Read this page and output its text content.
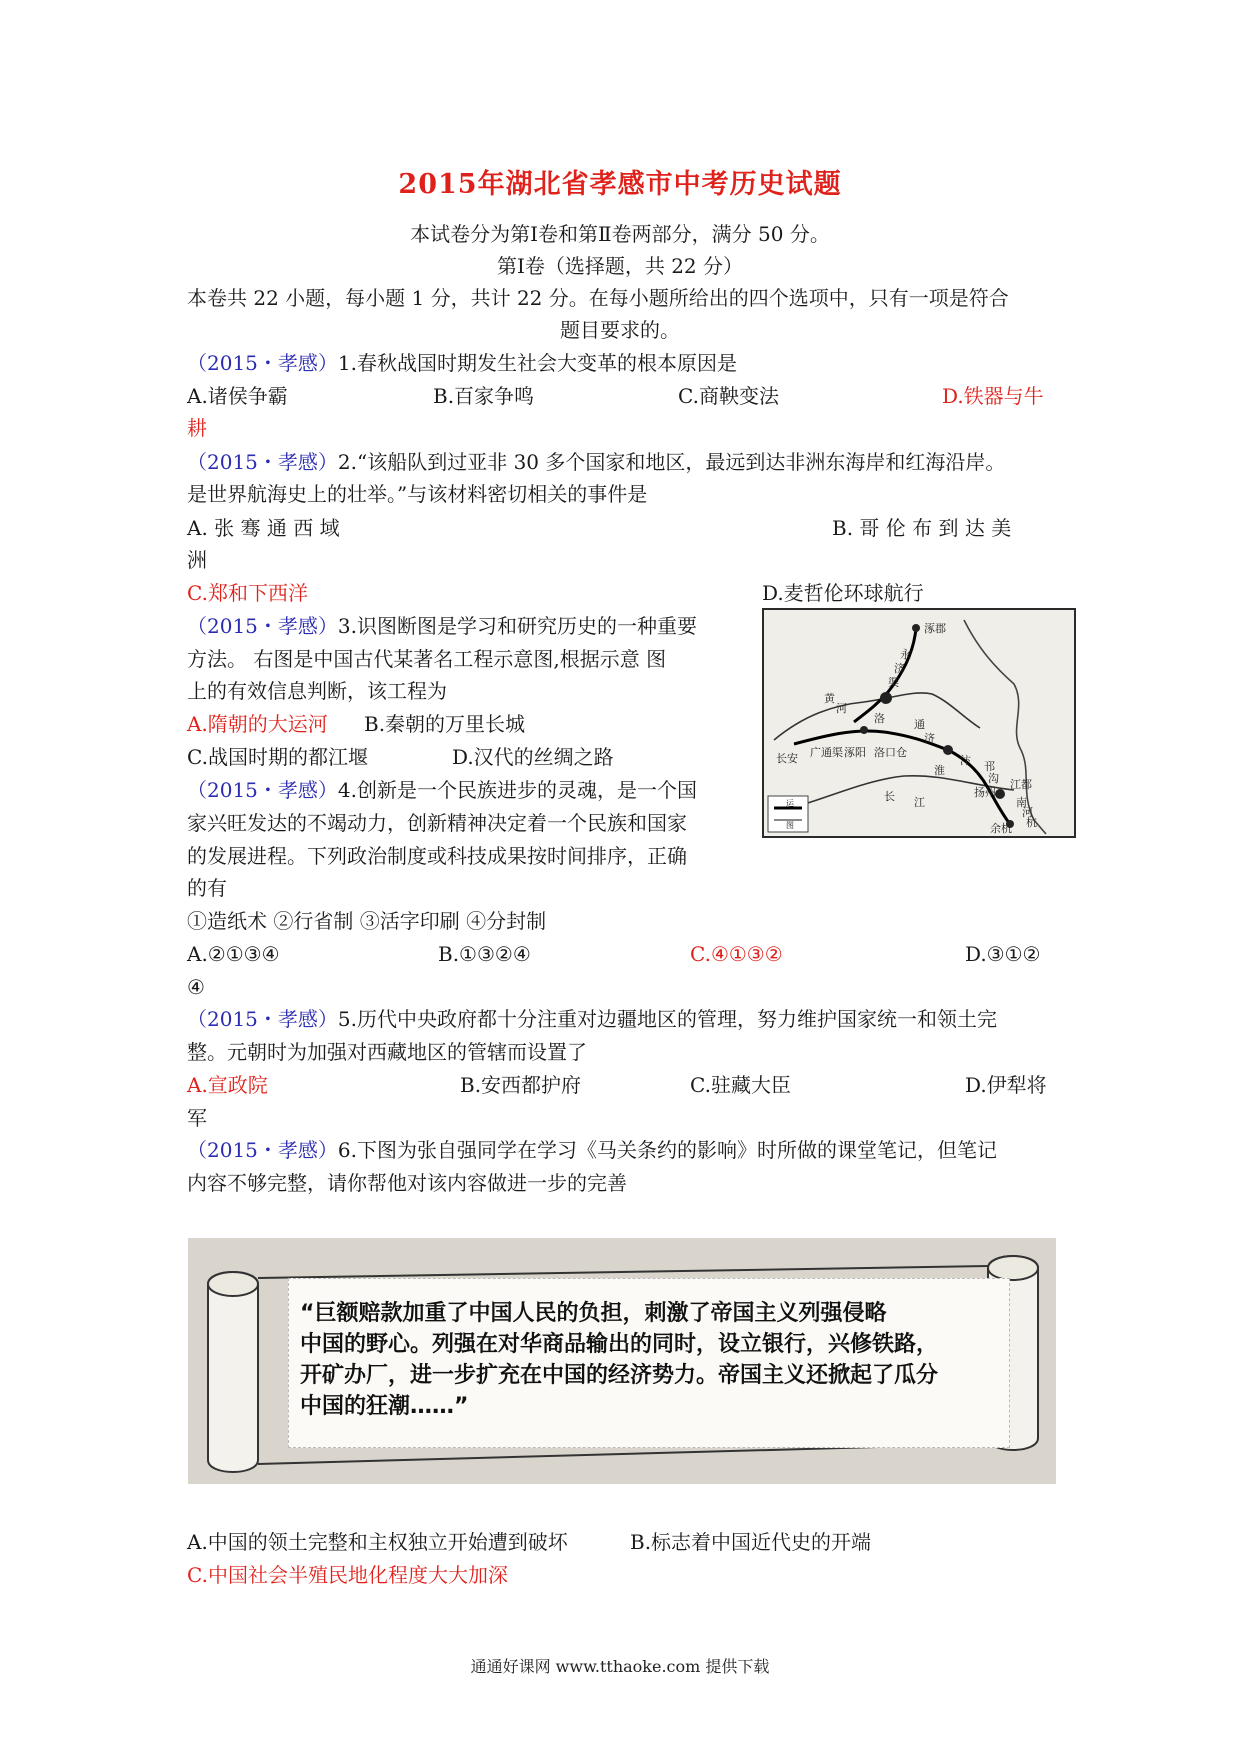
2015年湖北省孝感市中考历史试题
本试卷分为第Ⅰ卷和第Ⅱ卷两部分，满分 50 分。
第Ⅰ卷（选择题，共 22 分）
本卷共 22 小题，每小题 1 分，共计 22 分。在每小题所给出的四个选项中，只有一项是符合
题目要求的。
（2015・孝感）1.春秋战国时期发生社会大变革的根本原因是
A.诸侯争霸	B.百家争鸣	C.商鞅变法	D.铁器与牛
耕
（2015・孝感）2.“该船队到过亚非 30 多个国家和地区，最远到达非洲东海岸和红海沿岸。
是世界航海史上的壮举。”与该材料密切相关的事件是
A. 张 骞 通 西 域	B. 哥 伦 布 到 达 美
洲
C.郑和下西洋	D.麦哲伦环球航行
（2015・孝感）3.识图断图是学习和研究历史的一种重要
方法。 右图是中国古代某著名工程示意图,根据示意 图
上的有效信息判断，该工程为
A.隋朝的大运河 B.秦朝的万里长城
C.战国时期的都江堰	D.汉代的丝绸之路
涿郡
永
济
渠
洛	通
济
长安 广通渠 涿阳 洛口仓
黄
河
汴
淮	邗
沟
扬州
江都
南
河
杭
余杭
江
长
运
图
（2015・孝感）4.创新是一个民族进步的灵魂，是一个国
家兴旺发达的不竭动力，创新精神决定着一个民族和国家
的发展进程。下列政治制度或科技成果按时间排序，正确
的有
①造纸术 ②行省制 ③活字印刷 ④分封制
A.②①③④	B.①③②④	C.④①③②	D.③①②
④
（2015・孝感）5.历代中央政府都十分注重对边疆地区的管理，努力维护国家统一和领土完
整。元朝时为加强对西藏地区的管辖而设置了
A.宣政院	B.安西都护府	C.驻藏大臣	D.伊犁将
军
（2015・孝感）6.下图为张自强同学在学习《马关条约的影响》时所做的课堂笔记，但笔记
内容不够完整，请你帮他对该内容做进一步的完善
“巨额赔款加重了中国人民的负担，刺激了帝国主义列强侵略
中国的野心。列强在对华商品输出的同时，设立银行，兴修铁路，
开矿办厂，进一步扩充在中国的经济势力。帝国主义还掀起了瓜分
中国的狂潮……”
A.中国的领土完整和主权独立开始遭到破坏	B.标志着中国近代史的开端
C.中国社会半殖民地化程度大大加深
通通好课网 www.tthaoke.com 提供下载
